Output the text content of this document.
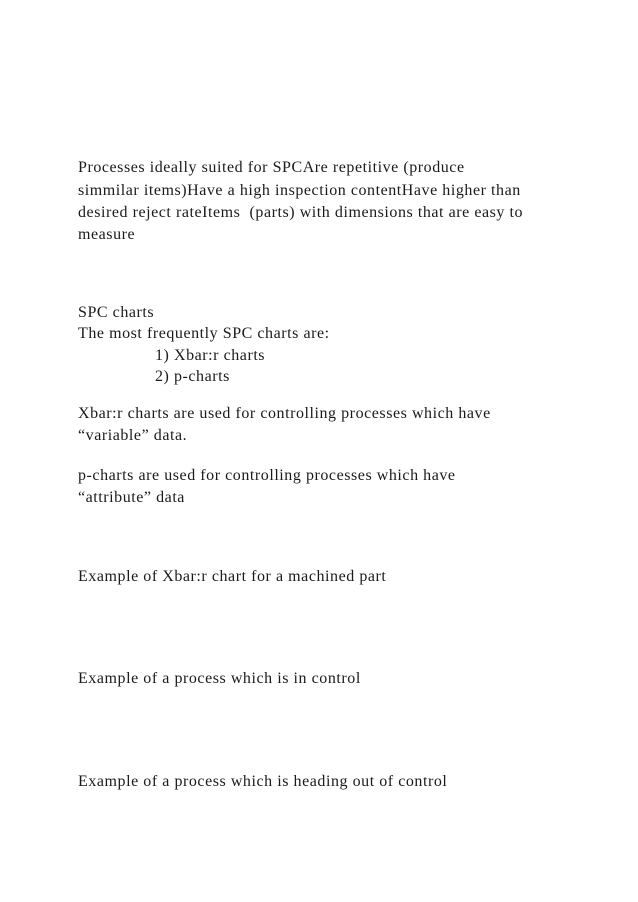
Processes ideally suited for SPCAre repetitive (produce
simmilar items)Have a high inspection contentHave higher than
desired reject rateItems  (parts) with dimensions that are easy to
measure
SPC charts
The most frequently SPC charts are:
1) Xbar:r charts
2) p-charts
Xbar:r charts are used for controlling processes which have
“variable” data.
p-charts are used for controlling processes which have
“attribute” data
Example of Xbar:r chart for a machined part
Example of a process which is in control
Example of a process which is heading out of control
